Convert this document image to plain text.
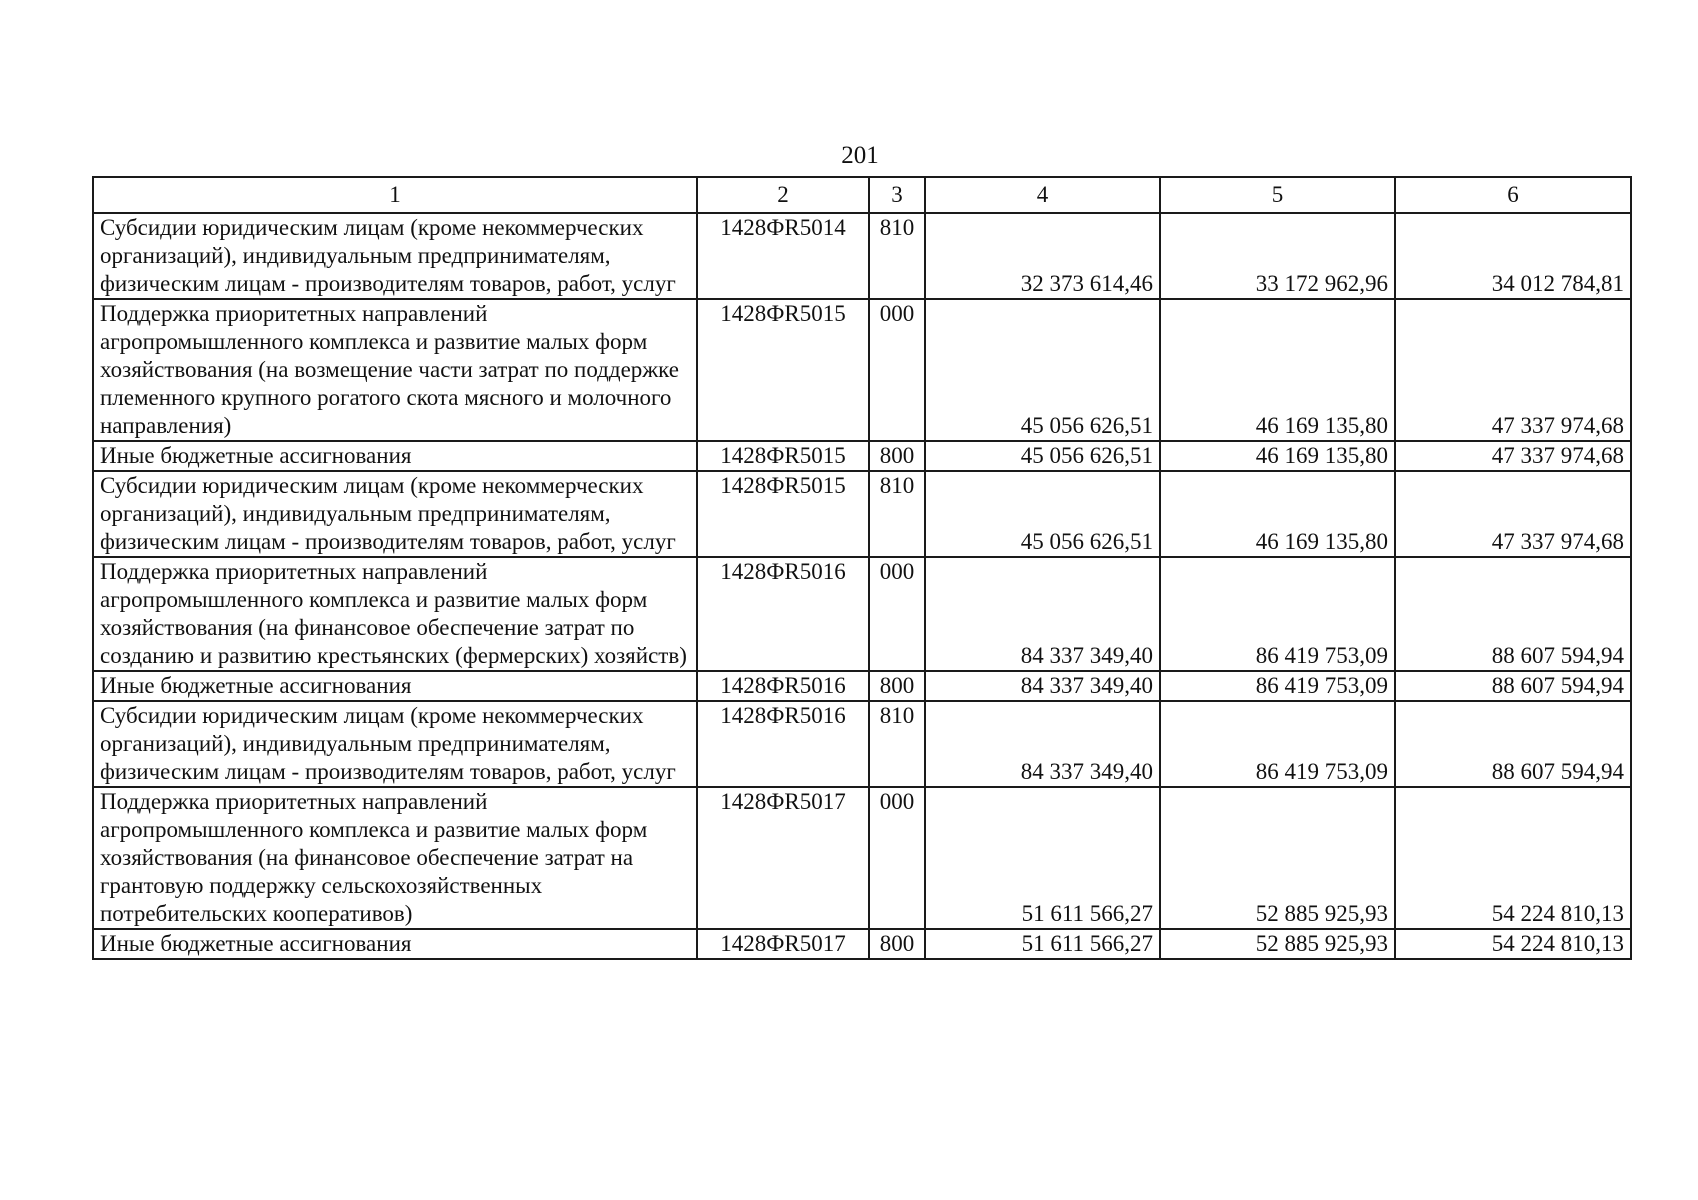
201
1	2	3	4	5	6
Субсидии юридическим лицам (кроме некоммерческих организаций), индивидуальным предпринимателям, физическим лицам - производителям товаров, работ, услуг	1428ФR5014	810	32 373 614,46	33 172 962,96	34 012 784,81
Поддержка приоритетных направлений агропромышленного комплекса и развитие малых форм хозяйствования (на возмещение части затрат по поддержке племенного крупного рогатого скота мясного и молочного направления)	1428ФR5015	000	45 056 626,51	46 169 135,80	47 337 974,68
Иные бюджетные ассигнования	1428ФR5015	800	45 056 626,51	46 169 135,80	47 337 974,68
Субсидии юридическим лицам (кроме некоммерческих организаций), индивидуальным предпринимателям, физическим лицам - производителям товаров, работ, услуг	1428ФR5015	810	45 056 626,51	46 169 135,80	47 337 974,68
Поддержка приоритетных направлений агропромышленного комплекса и развитие малых форм хозяйствования (на финансовое обеспечение затрат по созданию и развитию крестьянских (фермерских) хозяйств)	1428ФR5016	000	84 337 349,40	86 419 753,09	88 607 594,94
Иные бюджетные ассигнования	1428ФR5016	800	84 337 349,40	86 419 753,09	88 607 594,94
Субсидии юридическим лицам (кроме некоммерческих организаций), индивидуальным предпринимателям, физическим лицам - производителям товаров, работ, услуг	1428ФR5016	810	84 337 349,40	86 419 753,09	88 607 594,94
Поддержка приоритетных направлений агропромышленного комплекса и развитие малых форм хозяйствования (на финансовое обеспечение затрат на грантовую поддержку сельскохозяйственных потребительских кооперативов)	1428ФR5017	000	51 611 566,27	52 885 925,93	54 224 810,13
Иные бюджетные ассигнования	1428ФR5017	800	51 611 566,27	52 885 925,93	54 224 810,13
